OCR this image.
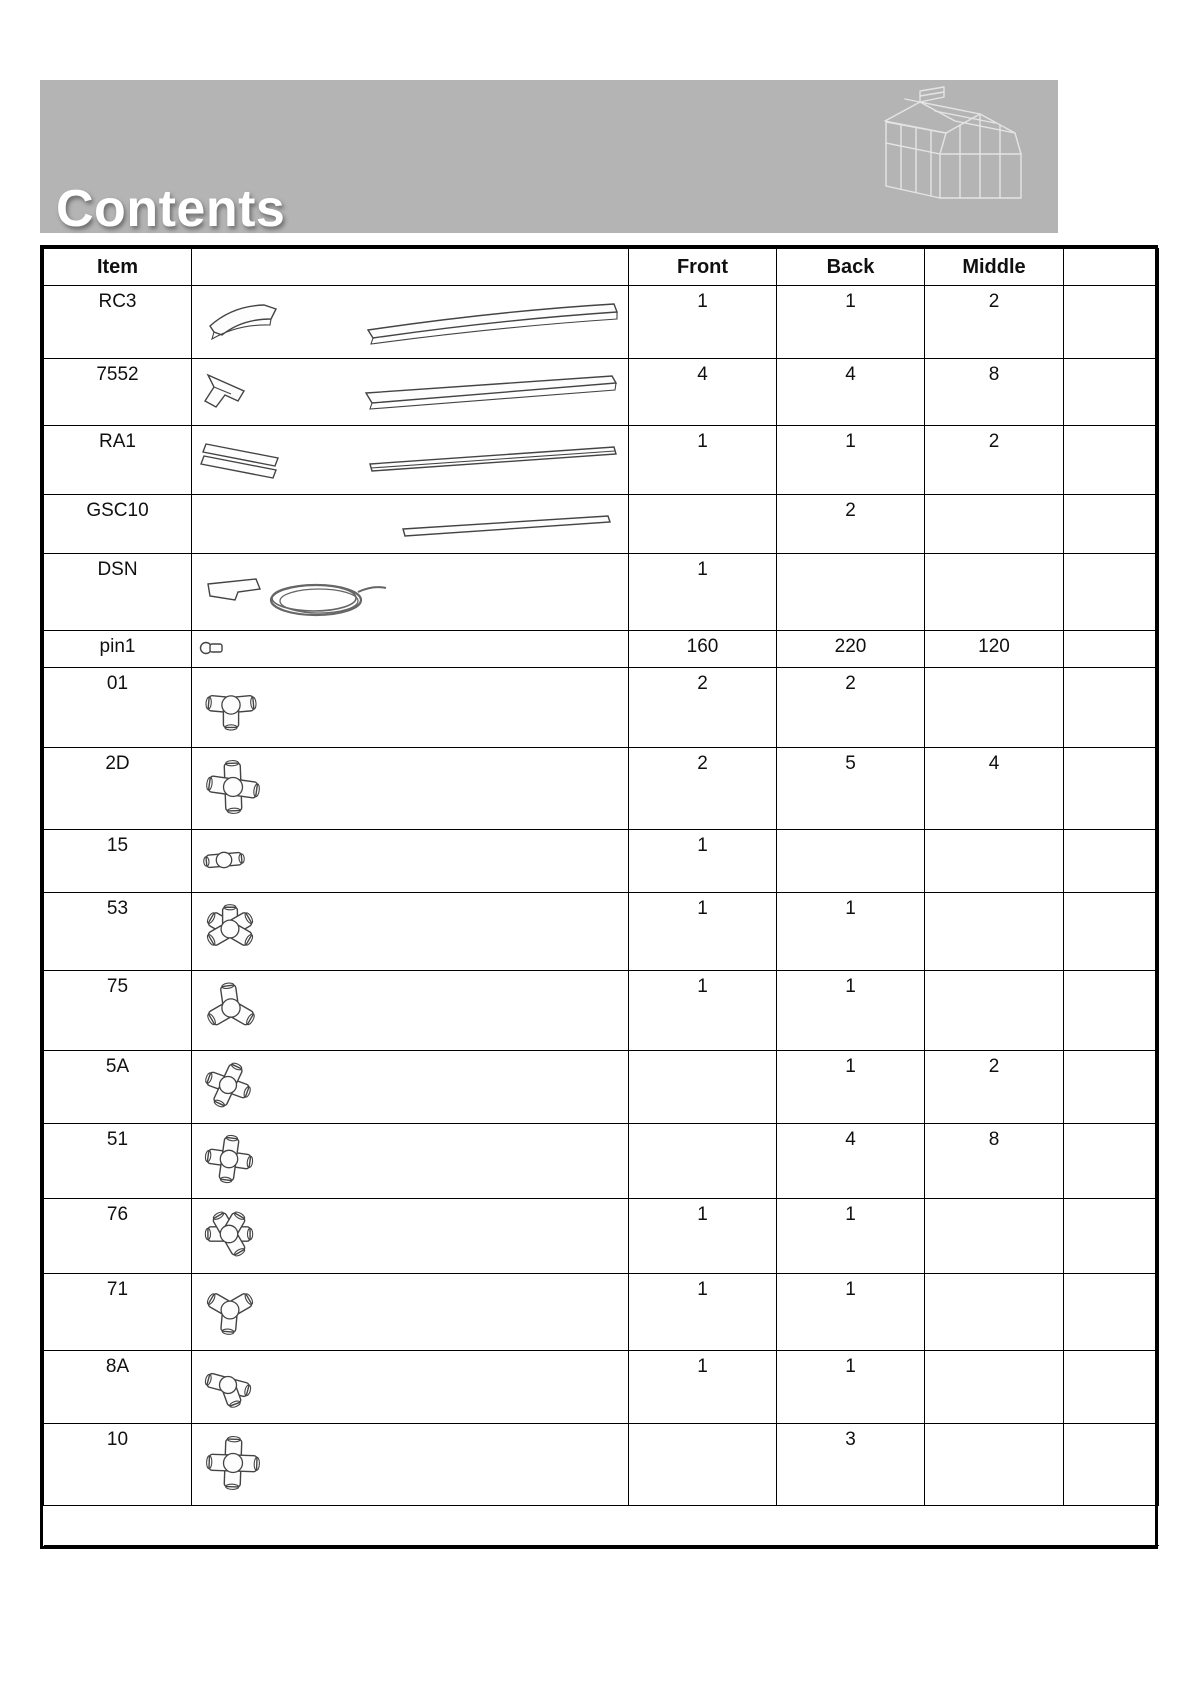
Contents
Item		Front	Back	Middle	
RC3		1	1	2	
7552		4	4	8	
RA1		1	1	2	
GSC10			2		
DSN		1			
pin1		160	220	120	
01		2	2		
2D		2	5	4	
15		1			
53		1	1		
75		1	1		
5A			1	2	
51			4	8	
76		1	1		
71		1	1		
8A		1	1		
10			3		
